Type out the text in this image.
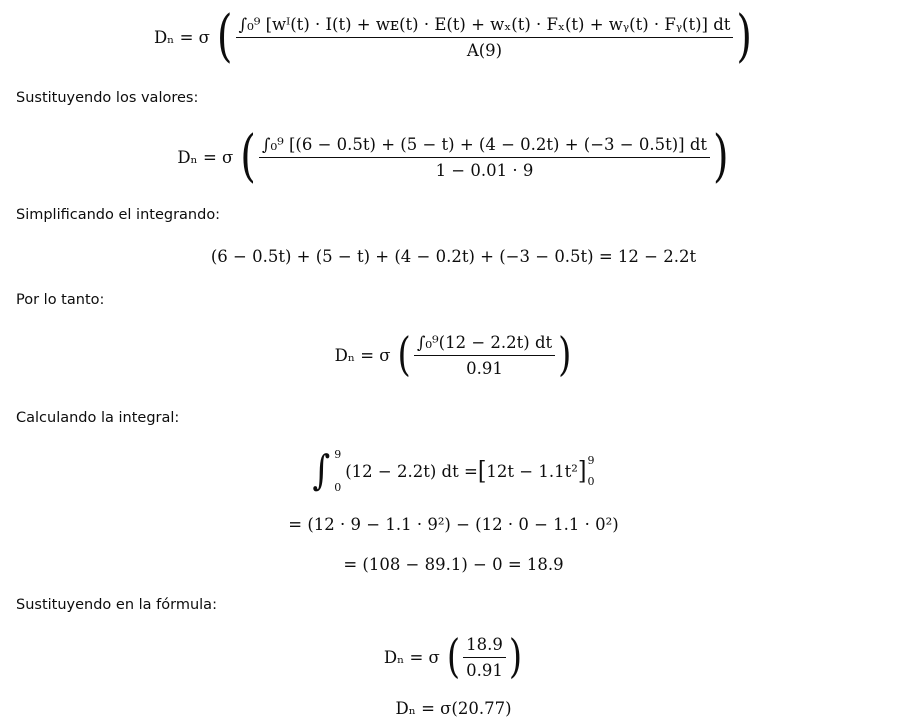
Dₙ = σ ( ∫₀⁹ [wᴵ(t) · I(t) + wᴇ(t) · E(t) + wₓ(t) · Fₓ(t) + wᵧ(t) · Fᵧ(t)] dt
A(9)	)
Sustituyendo los valores:
Dₙ = σ ( $\frac{\text{∫₀⁹ [(6 − 0.5t) + (5 − t) + (4 − 0.2t) + (−3 − 0.5t)] dt}}{1 - 0.01 \cdot 9}$ )
Simplificando el integrando:
(6 − 0.5t) + (5 − t) + (4 − 0.2t) + (−3 − 0.5t) = 12 − 2.2t
Por lo tanto:
Dₙ = σ ( $\frac{\text{∫₀⁹(12 − 2.2t) dt}}{0.91}$ )
Calculando la integral:
∫ 9
0
(12 − 2.2t) dt = [ 12t − 1.1t² ] 9
0
= (12 · 9 − 1.1 · 9²) − (12 · 0 − 1.1 · 0²)
= (108 − 89.1) − 0 = 18.9
Sustituyendo en la fórmula:
Dₙ = σ ( $\frac{18.9}{0.91}$ )
Dₙ = σ(20.77)
